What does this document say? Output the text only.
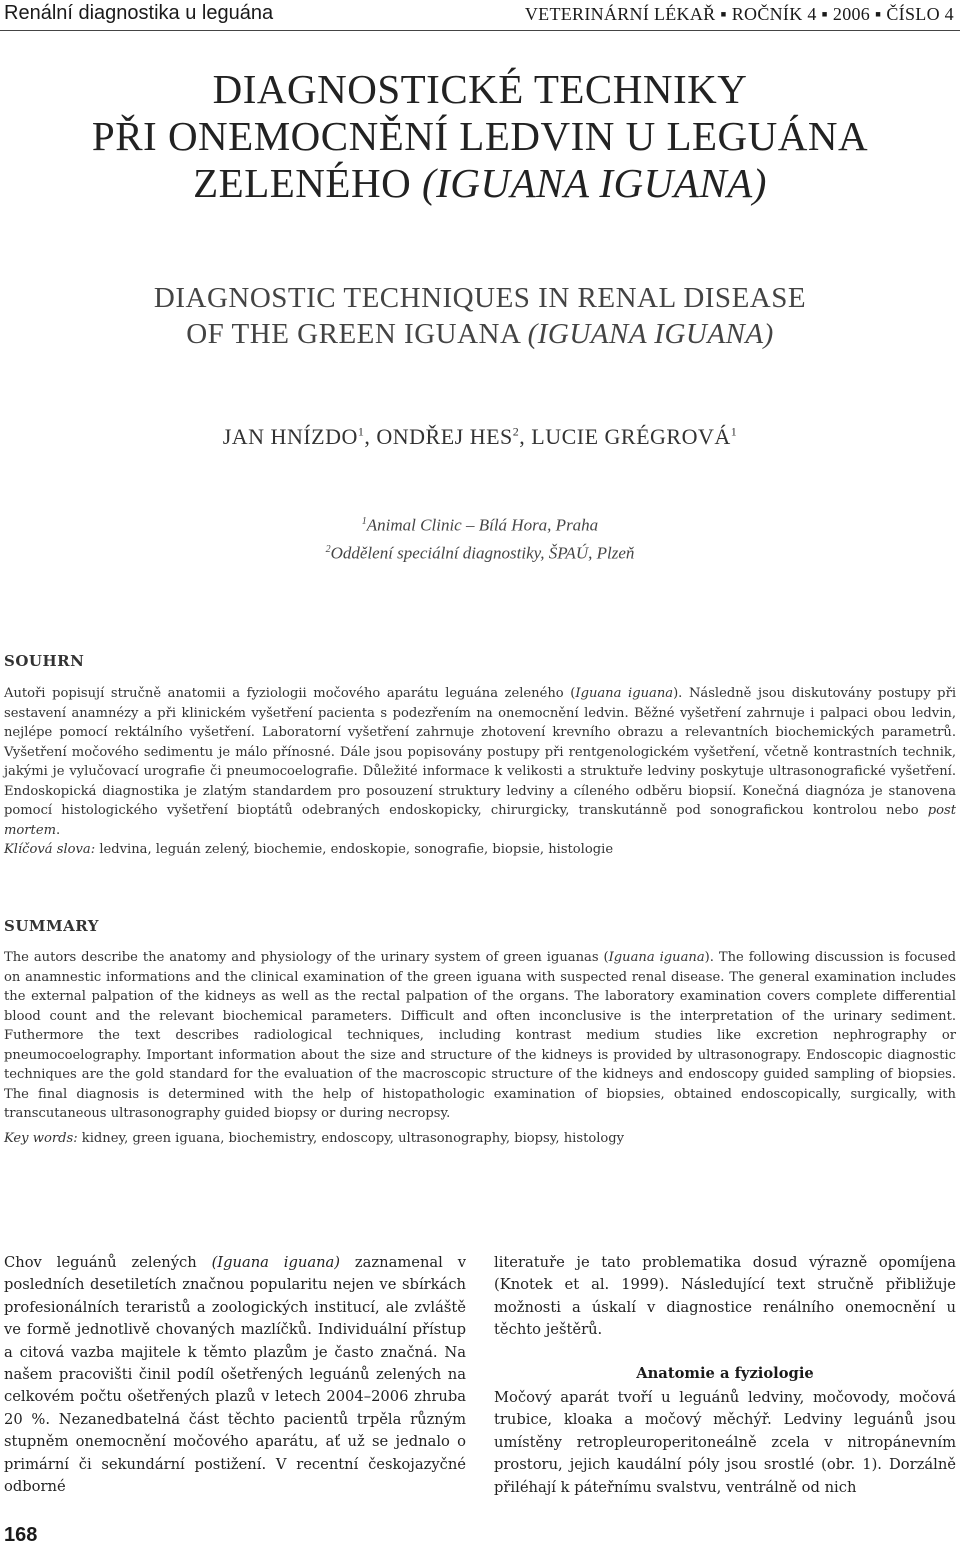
Renální diagnostika u leguána	VETERINÁRNÍ LÉKAŘ ▪ ROČNÍK 4 ▪ 2006 ▪ ČÍSLO 4
DIAGNOSTICKÉ TECHNIKY
PŘI ONEMOCNĚNÍ LEDVIN U LEGUÁNA
ZELENÉHO (IGUANA IGUANA)
DIAGNOSTIC TECHNIQUES IN RENAL DISEASE
OF THE GREEN IGUANA (IGUANA IGUANA)
JAN HNÍZDO$^1$, ONDŘEJ HES$^2$, LUCIE GRÉGROVÁ$^1$
$^1$Animal Clinic – Bílá Hora, Praha
$^2$Oddělení speciální diagnostiky, ŠPAÚ, Plzeň
SOUHRN

Autoři popisují stručně anatomii a fyziologii močového aparátu leguána zeleného (Iguana iguana). Následně jsou diskutovány postupy při sestavení anamnézy a při klinickém vyšetření pacienta s podezřením na onemocnění ledvin. Běžné vyšetření zahrnuje i palpaci obou ledvin, nejlépe pomocí rektálního vyšetření. Laboratorní vyšetření zahrnuje zhotovení krevního obrazu a relevantních biochemických parametrů. Vyšetření močového sedimentu je málo přínosné. Dále jsou popisovány postupy při rentgenologickém vyšetření, včetně kontrastních technik, jakými je vylučovací urografie či pneumocoelografie. Důležité informace k velikosti a struktuře ledviny poskytuje ultrasonografické vyšetření. Endoskopická diagnostika je zlatým standardem pro posouzení struktury ledviny a cíleného odběru biopsií. Konečná diagnóza je stanovena pomocí histologického vyšetření bioptátů odebraných endoskopicky, chirurgicky, transkutánně pod sonografickou kontrolou nebo post mortem.

Klíčová slova: ledvina, leguán zelený, biochemie, endoskopie, sonografie, biopsie, histologie

SUMMARY

The autors describe the anatomy and physiology of the urinary system of green iguanas (Iguana iguana). The following discussion is focused on anamnestic informations and the clinical examination of the green iguana with suspected renal disease. The general examination includes the external palpation of the kidneys as well as the rectal palpation of the organs. The laboratory examination covers complete differential blood count and the relevant biochemical parameters. Difficult and often inconclusive is the interpretation of the urinary sediment. Futhermore the text describes radiological techniques, including kontrast medium studies like excretion nephrography or pneumocoelography. Important information about the size and structure of the kidneys is provided by ultrasonograpy. Endoscopic diagnostic techniques are the gold standard for the evaluation of the macroscopic structure of the kidneys and endoscopy guided sampling of biopsies. The final diagnosis is determined with the help of histopathologic examination of biopsies, obtained endoscopically, surgically, with transcutaneous ultrasonography guided biopsy or during necropsy.

Key words: kidney, green iguana, biochemistry, endoscopy, ultrasonography, biopsy, histology

Chov leguánů zelených (Iguana iguana) zaznamenal v posledních desetiletích značnou popularitu nejen ve sbírkách profesionálních teraristů a zoologických institucí, ale zvláště ve formě jednotlivě chovaných mazlíčků. Individuální přístup a citová vazba majitele k těmto plazům je často značná. Na našem pracovišti činil podíl ošetřených leguánů zelených na celkovém počtu ošetřených plazů v letech 2004–2006 zhruba 20 %. Nezanedbatelná část těchto pacientů trpěla různým stupněm onemocnění močového aparátu, ať už se jednalo o primární či sekundární postižení. V recentní českojazyčné odborné

literatuře je tato problematika dosud výrazně opomíjena (Knotek et al. 1999). Následující text stručně přibližuje možnosti a úskalí v diagnostice renálního onemocnění u těchto ještěrů.

Anatomie a fyziologie

Močový aparát tvoří u leguánů ledviny, močovody, močová trubice, kloaka a močový měchýř. Ledviny leguánů jsou umístěny retropleuroperitoneálně zcela v nitropánevním prostoru, jejich kaudální póly jsou srostlé (obr. 1). Dorzálně přiléhají k páteřnímu svalstvu, ventrálně od nich

168
